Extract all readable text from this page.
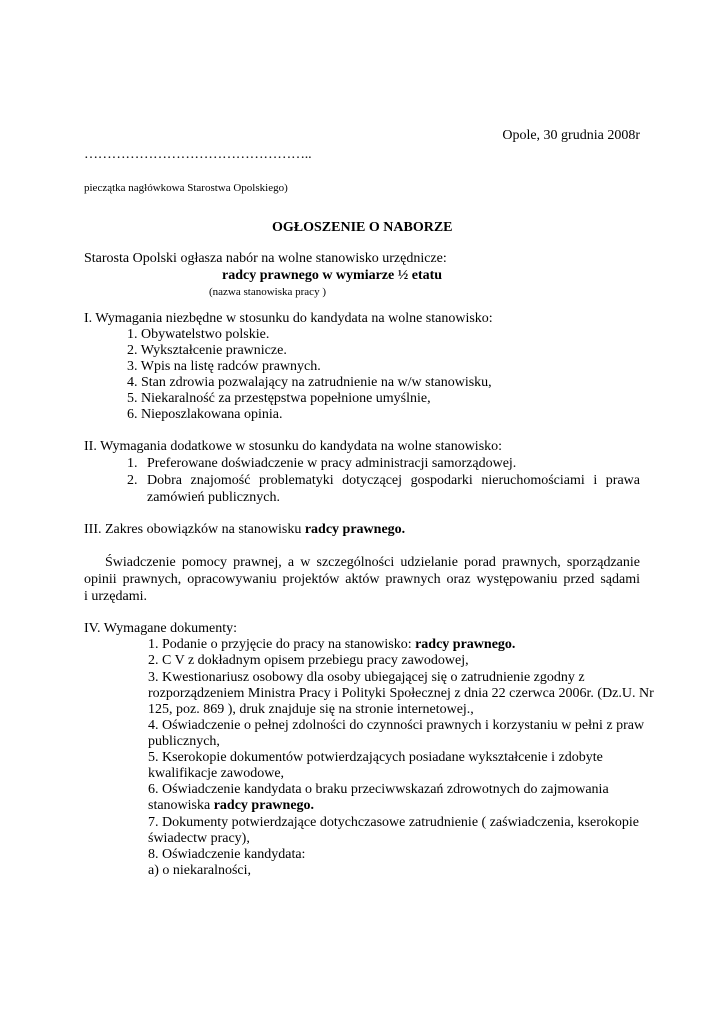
Opole, 30 grudnia 2008r
…………………………………………..
pieczątka nagłówkowa Starostwa Opolskiego)
OGŁOSZENIE O NABORZE
Starosta Opolski ogłasza nabór na wolne stanowisko urzędnicze:
radcy prawnego w wymiarze ½ etatu
(nazwa stanowiska pracy )
I. Wymagania niezbędne w stosunku do kandydata na wolne stanowisko:
1. Obywatelstwo polskie.
2. Wykształcenie prawnicze.
3. Wpis na listę radców prawnych.
4. Stan zdrowia pozwalający na zatrudnienie na w/w stanowisku,
5. Niekaralność za przestępstwa popełnione umyślnie,
6. Nieposzlakowana opinia.
II. Wymagania dodatkowe w stosunku do kandydata na wolne stanowisko:
1. Preferowane doświadczenie w pracy administracji samorządowej.
2. Dobra znajomość problematyki dotyczącej gospodarki nieruchomościami i prawa
zamówień publicznych.
III. Zakres obowiązków na stanowisku radcy prawnego.
Świadczenie pomocy prawnej, a w szczególności udzielanie porad prawnych, sporządzanie
opinii prawnych, opracowywaniu projektów aktów prawnych oraz występowaniu przed sądami
i urzędami.
IV. Wymagane dokumenty:
1. Podanie o przyjęcie do pracy na stanowisko: radcy prawnego.
2. C V z dokładnym opisem przebiegu pracy zawodowej,
3. Kwestionariusz osobowy dla osoby ubiegającej się o zatrudnienie zgodny z
rozporządzeniem Ministra Pracy i Polityki Społecznej z dnia 22 czerwca 2006r. (Dz.U. Nr
125, poz. 869 ), druk znajduje się na stronie internetowej.,
4. Oświadczenie o pełnej zdolności do czynności prawnych i korzystaniu w pełni z praw
publicznych,
5. Kserokopie dokumentów potwierdzających posiadane wykształcenie i zdobyte
kwalifikacje zawodowe,
6. Oświadczenie kandydata o braku przeciwwskazań zdrowotnych do zajmowania
stanowiska radcy prawnego.
7. Dokumenty potwierdzające dotychczasowe zatrudnienie ( zaświadczenia, kserokopie
świadectw pracy),
8. Oświadczenie kandydata:
a) o niekaralności,
